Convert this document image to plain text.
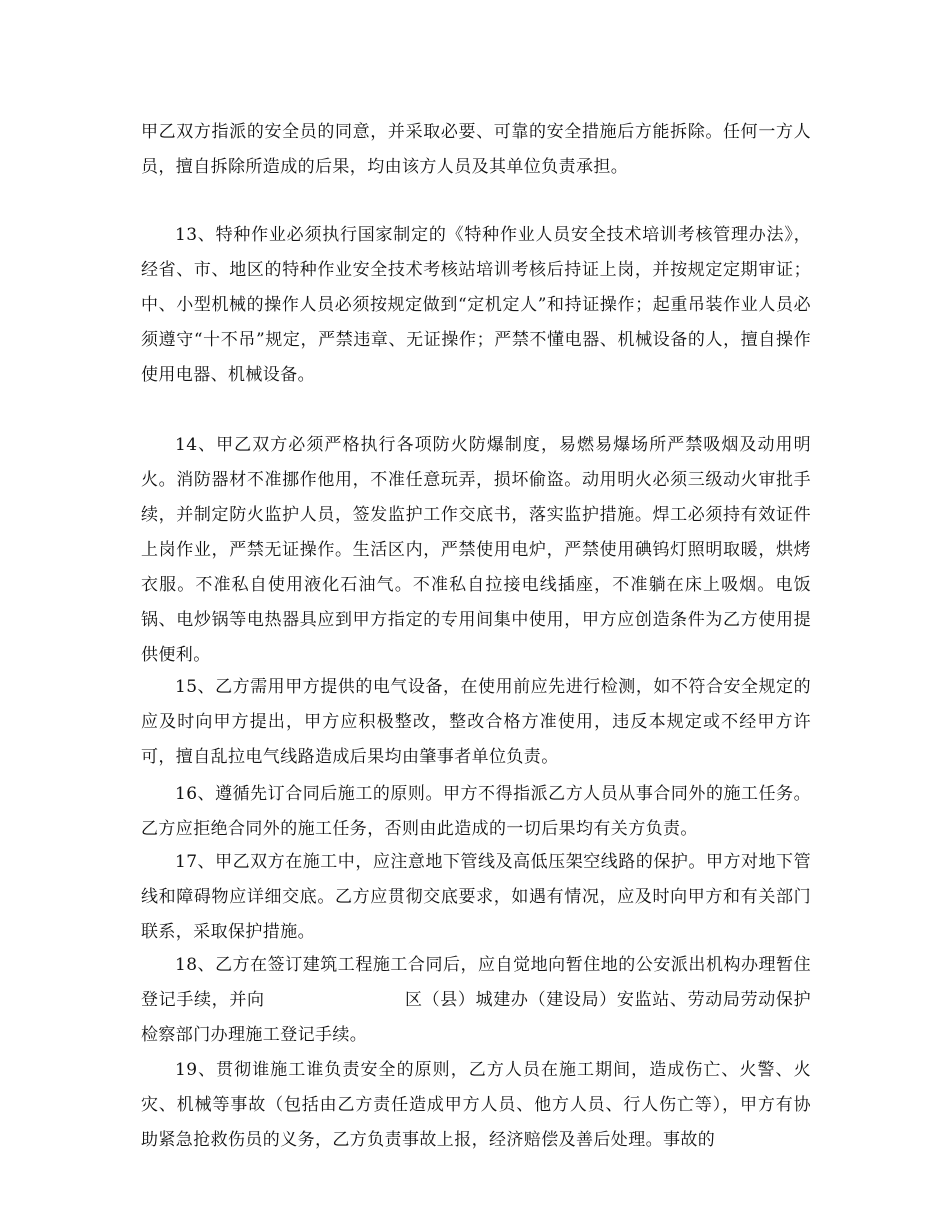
甲乙双方指派的安全员的同意，并采取必要、可靠的安全措施后方能拆除。任何一方人员，擅自拆除所造成的后果，均由该方人员及其单位负责承担。

13、特种作业必须执行国家制定的《特种作业人员安全技术培训考核管理办法》，经省、市、地区的特种作业安全技术考核站培训考核后持证上岗，并按规定定期审证；中、小型机械的操作人员必须按规定做到“定机定人”和持证操作；起重吊装作业人员必须遵守“十不吊”规定，严禁违章、无证操作；严禁不懂电器、机械设备的人，擅自操作使用电器、机械设备。

14、甲乙双方必须严格执行各项防火防爆制度，易燃易爆场所严禁吸烟及动用明火。消防器材不准挪作他用，不准任意玩弄，损坏偷盗。动用明火必须三级动火审批手续，并制定防火监护人员，签发监护工作交底书，落实监护措施。焊工必须持有效证件上岗作业，严禁无证操作。生活区内，严禁使用电炉，严禁使用碘钨灯照明取暖，烘烤衣服。不准私自使用液化石油气。不准私自拉接电线插座，不准躺在床上吸烟。电饭锅、电炒锅等电热器具应到甲方指定的专用间集中使用，甲方应创造条件为乙方使用提供便利。

15、乙方需用甲方提供的电气设备，在使用前应先进行检测，如不符合安全规定的应及时向甲方提出，甲方应积极整改，整改合格方准使用，违反本规定或不经甲方许可，擅自乱拉电气线路造成后果均由肇事者单位负责。

16、遵循先订合同后施工的原则。甲方不得指派乙方人员从事合同外的施工任务。乙方应拒绝合同外的施工任务，否则由此造成的一切后果均有关方负责。

17、甲乙双方在施工中，应注意地下管线及高低压架空线路的保护。甲方对地下管线和障碍物应详细交底。乙方应贯彻交底要求，如遇有情况，应及时向甲方和有关部门联系，采取保护措施。

18、乙方在签订建筑工程施工合同后，应自觉地向暂住地的公安派出机构办理暂住登记手续，并向	区（县）城建办（建设局）安监站、劳动局劳动保护检察部门办理施工登记手续。

19、贯彻谁施工谁负责安全的原则，乙方人员在施工期间，造成伤亡、火警、火灾、机械等事故（包括由乙方责任造成甲方人员、他方人员、行人伤亡等），甲方有协助紧急抢救伤员的义务，乙方负责事故上报，经济赔偿及善后处理。事故的
